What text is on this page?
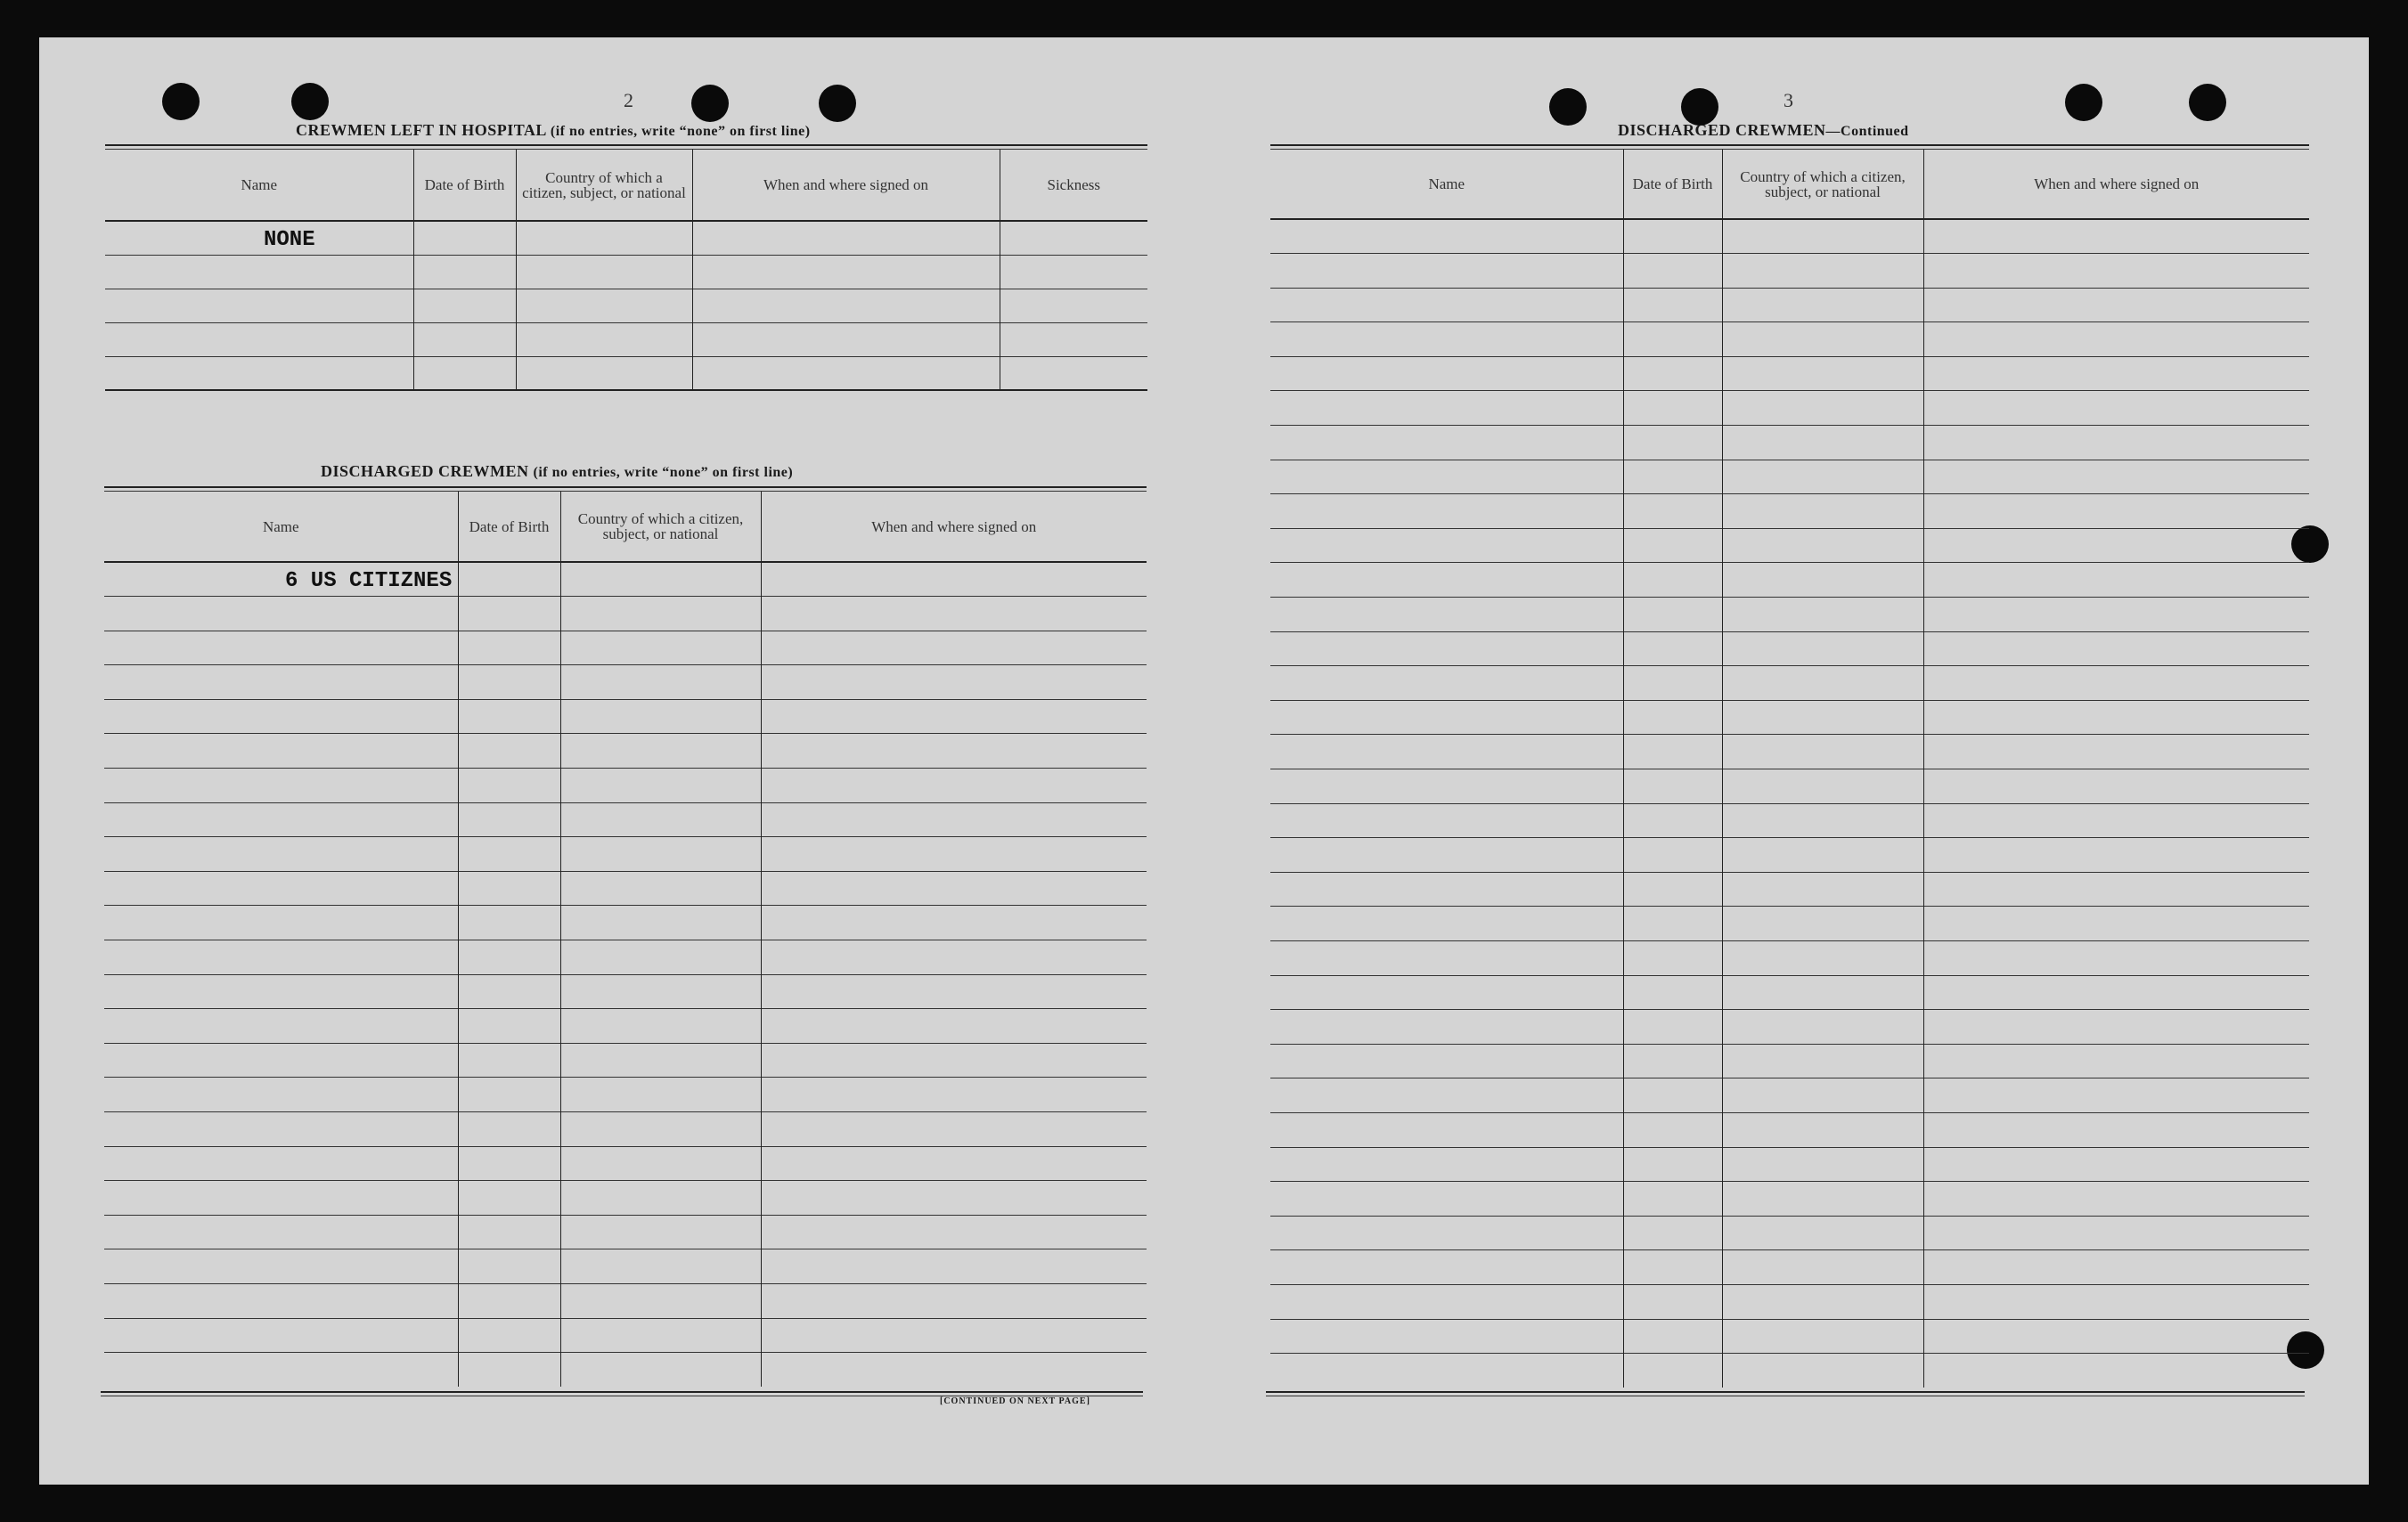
2
CREWMEN LEFT IN HOSPITAL (if no entries, write “none” on first line)
Name	Date of Birth	Country of which a citizen, subject, or national	When and where signed on	Sickness
NONE				

DISCHARGED CREWMEN (if no entries, write “none” on first line)
Name	Date of Birth	Country of which a citizen, subject, or national	When and where signed on
6 US CITIZNES			

[CONTINUED ON NEXT PAGE]
3
DISCHARGED CREWMEN—Continued
Name	Date of Birth	Country of which a citizen, subject, or national	When and where signed on
